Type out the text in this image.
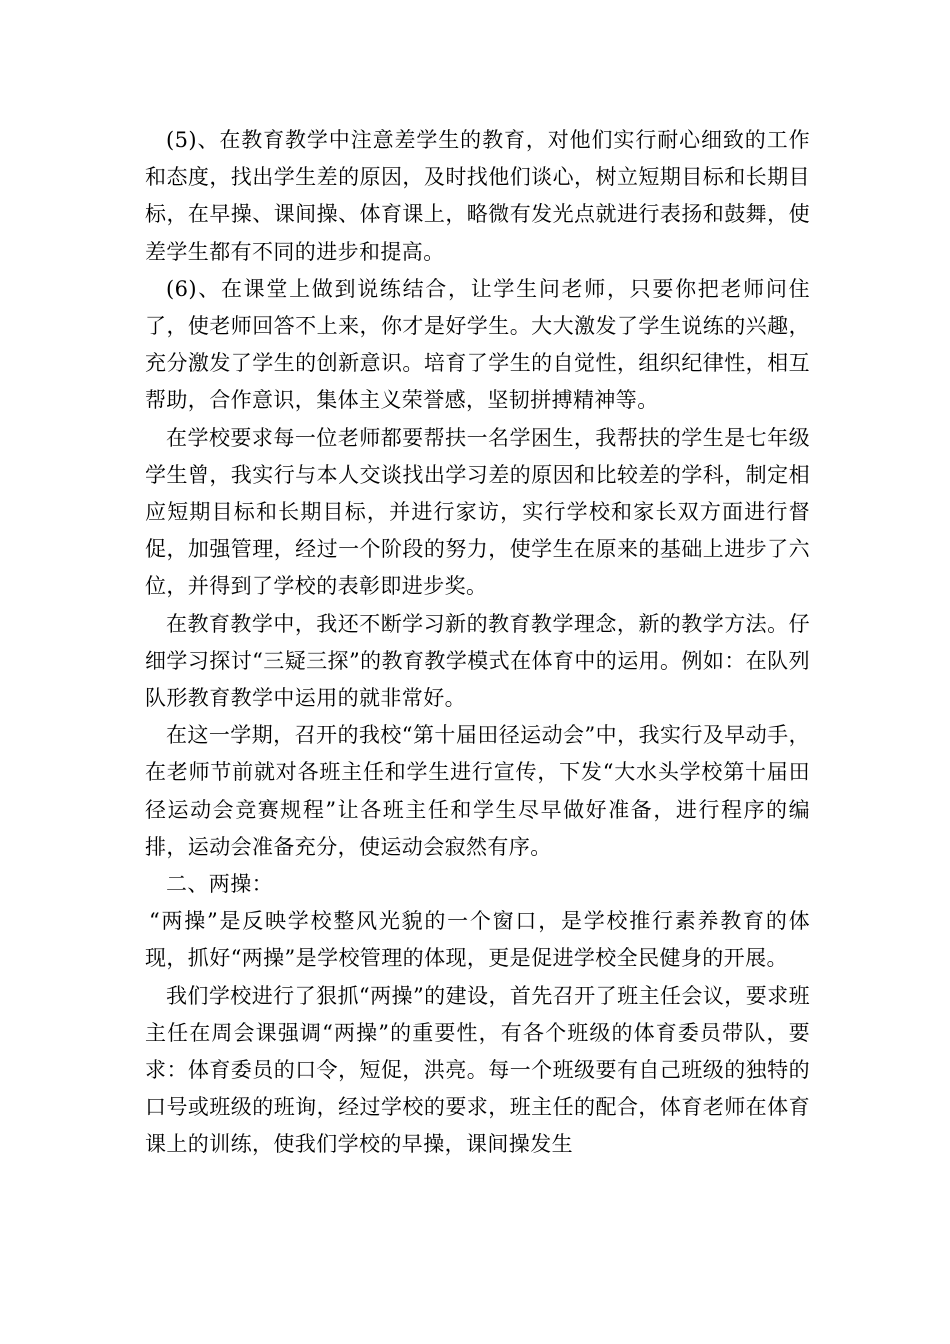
(5)、在教育教学中注意差学生的教育，对他们实行耐心细致的工作和态度，找出学生差的原因，及时找他们谈心，树立短期目标和长期目标，在早操、课间操、体育课上，略微有发光点就进行表扬和鼓舞，使差学生都有不同的进步和提高。

(6)、在课堂上做到说练结合，让学生问老师，只要你把老师问住了，使老师回答不上来，你才是好学生。大大激发了学生说练的兴趣，充分激发了学生的创新意识。培育了学生的自觉性，组织纪律性，相互帮助，合作意识，集体主义荣誉感，坚韧拼搏精神等。

在学校要求每一位老师都要帮扶一名学困生，我帮扶的学生是七年级学生曾，我实行与本人交谈找出学习差的原因和比较差的学科，制定相应短期目标和长期目标，并进行家访，实行学校和家长双方面进行督促，加强管理，经过一个阶段的努力，使学生在原来的基础上进步了六位，并得到了学校的表彰即进步奖。

在教育教学中，我还不断学习新的教育教学理念，新的教学方法。仔细学习探讨“三疑三探”的教育教学模式在体育中的运用。例如：在队列队形教育教学中运用的就非常好。

在这一学期，召开的我校“第十届田径运动会”中，我实行及早动手，在老师节前就对各班主任和学生进行宣传，下发“大水头学校第十届田径运动会竞赛规程”让各班主任和学生尽早做好准备，进行程序的编排，运动会准备充分，使运动会寂然有序。

二、两操：

“两操”是反映学校整风光貌的一个窗口，是学校推行素养教育的体现，抓好“两操”是学校管理的体现，更是促进学校全民健身的开展。

我们学校进行了狠抓“两操”的建设，首先召开了班主任会议，要求班主任在周会课强调“两操”的重要性，有各个班级的体育委员带队，要求：体育委员的口令，短促，洪亮。每一个班级要有自己班级的独特的口号或班级的班询，经过学校的要求，班主任的配合，体育老师在体育课上的训练，使我们学校的早操，课间操发生
